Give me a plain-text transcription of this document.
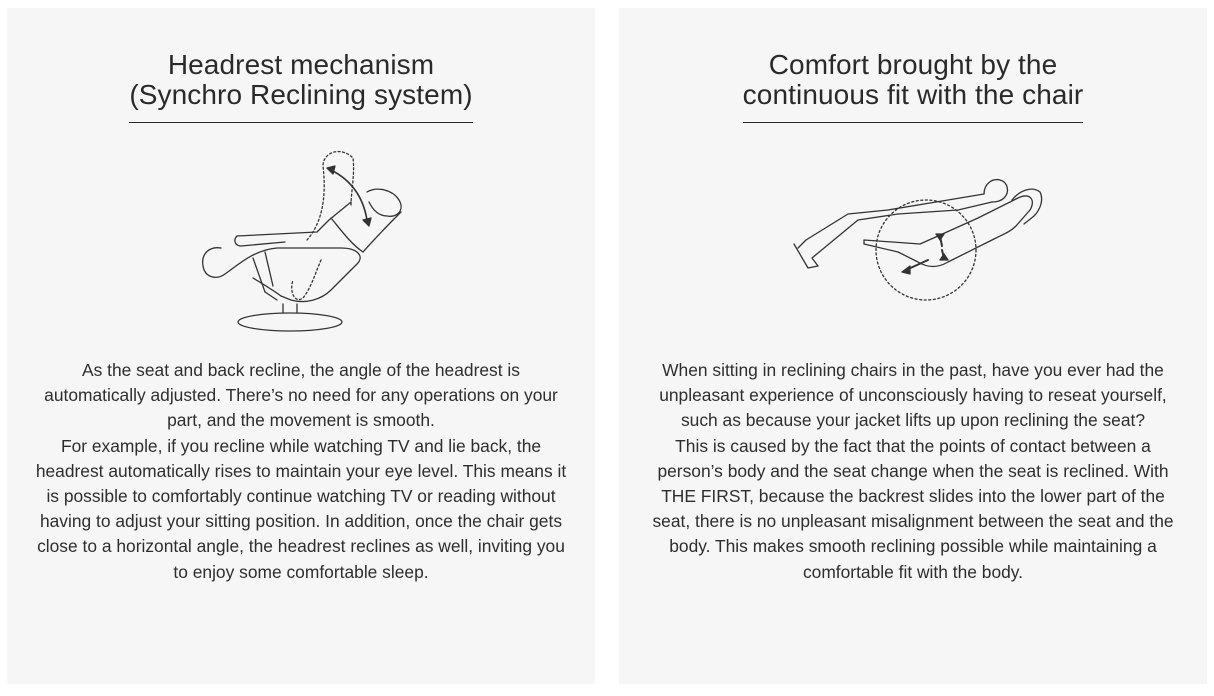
Headrest mechanism
(Synchro Reclining system)

As the seat and back recline, the angle of the headrest is automatically adjusted. There’s no need for any operations on your part, and the movement is smooth.

For example, if you recline while watching TV and lie back, the headrest automatically rises to maintain your eye level. This means it is possible to comfortably continue watching TV or reading without having to adjust your sitting position. In addition, once the chair gets close to a horizontal angle, the headrest reclines as well, inviting you to enjoy some comfortable sleep.

Comfort brought by the
continuous fit with the chair

When sitting in reclining chairs in the past, have you ever had the unpleasant experience of unconsciously having to reseat yourself, such as because your jacket lifts up upon reclining the seat?

This is caused by the fact that the points of contact between a person’s body and the seat change when the seat is reclined. With THE FIRST, because the backrest slides into the lower part of the seat, there is no unpleasant misalignment between the seat and the body. This makes smooth reclining possible while maintaining a comfortable fit with the body.
